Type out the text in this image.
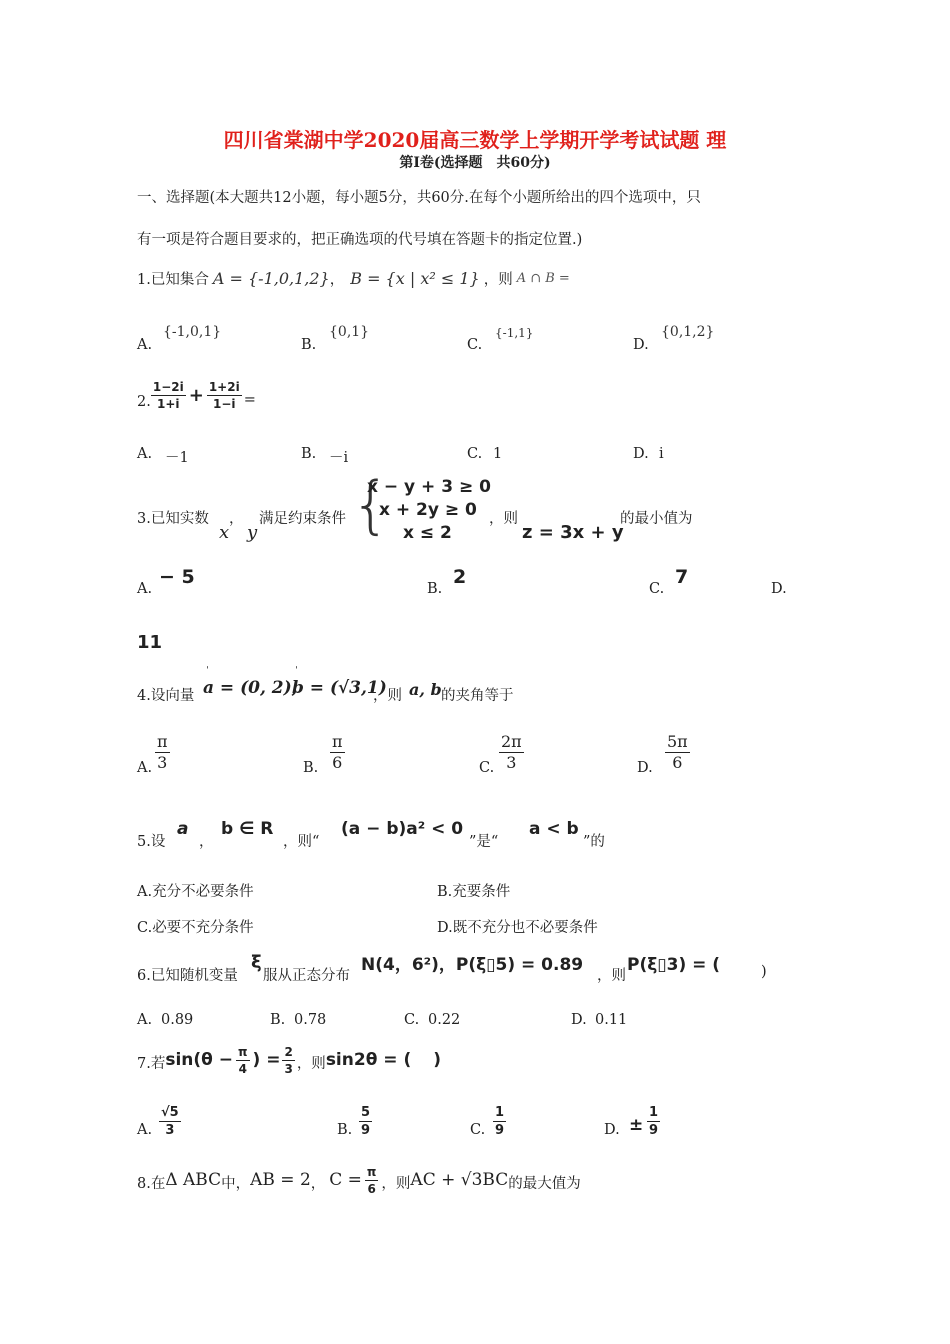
四川省棠湖中学2020届高三数学上学期开学考试试题 理
第I卷(选择题　共60分)
一、选择题(本大题共12小题，每小题5分，共60分.在每个小题所给出的四个选项中，只
有一项是符合题目要求的，把正确选项的代号填在答题卡的指定位置.)
1.已知集合 A = {-1,0,1,2} ， B = {x | x² ≤ 1} ，则 A ∩ B =
A.
{-1,0,1}
B.
{0,1}
C.
{-1,1}
D.
{0,1,2}
2. $\frac{1-2i}{1+i} + \frac{1+2i}{1-i}$ =
A. －1	B. －i	C. 1	D. i
3.已知实数 ，
x y
满足约束条件 {
x − y + 3 ≥ 0
x + 2y ≥ 0
x ≤ 2
，则
z = 3x + y
的最小值为
A.
− 5
B.
2
C.
7
D.
11
4.设向量 a = (0, 2),
ˈ
b = (√3,1)
ˈ
，则 a, b 的夹角等于
A. $\frac{\pi}{3}$	B. $\frac{\pi}{6}$	C. $\frac{2\pi}{3}$	D. $\frac{5\pi}{6}$
5.设
a
，
b ∈ R
，则“
(a − b)a² < 0
”是“
a < b
”的
A.充分不必要条件	B.充要条件
C.必要不充分条件	D.既不充分也不必要条件
6.已知随机变量
ξ
服从正态分布
N(4，6²)，P(ξ▯5) = 0.89
，则
P(ξ▯3) = (	)
A. 0.89	B. 0.78	C. 0.22	D. 0.11
7.若 $\sin(\theta - \frac{\pi}{4}$ ) = $\frac{2}{3}$ ，则 sin2θ = ( )
A. $\frac{√5}{3}$	B. $\frac{5}{9}$	C. $\frac{1}{9}$	D. ± $\frac{1}{9}$
8.在 Δ ABC 中， AB = 2 ， $C = \frac{\pi}{6}$ ，则 AC + √3BC 的最大值为
